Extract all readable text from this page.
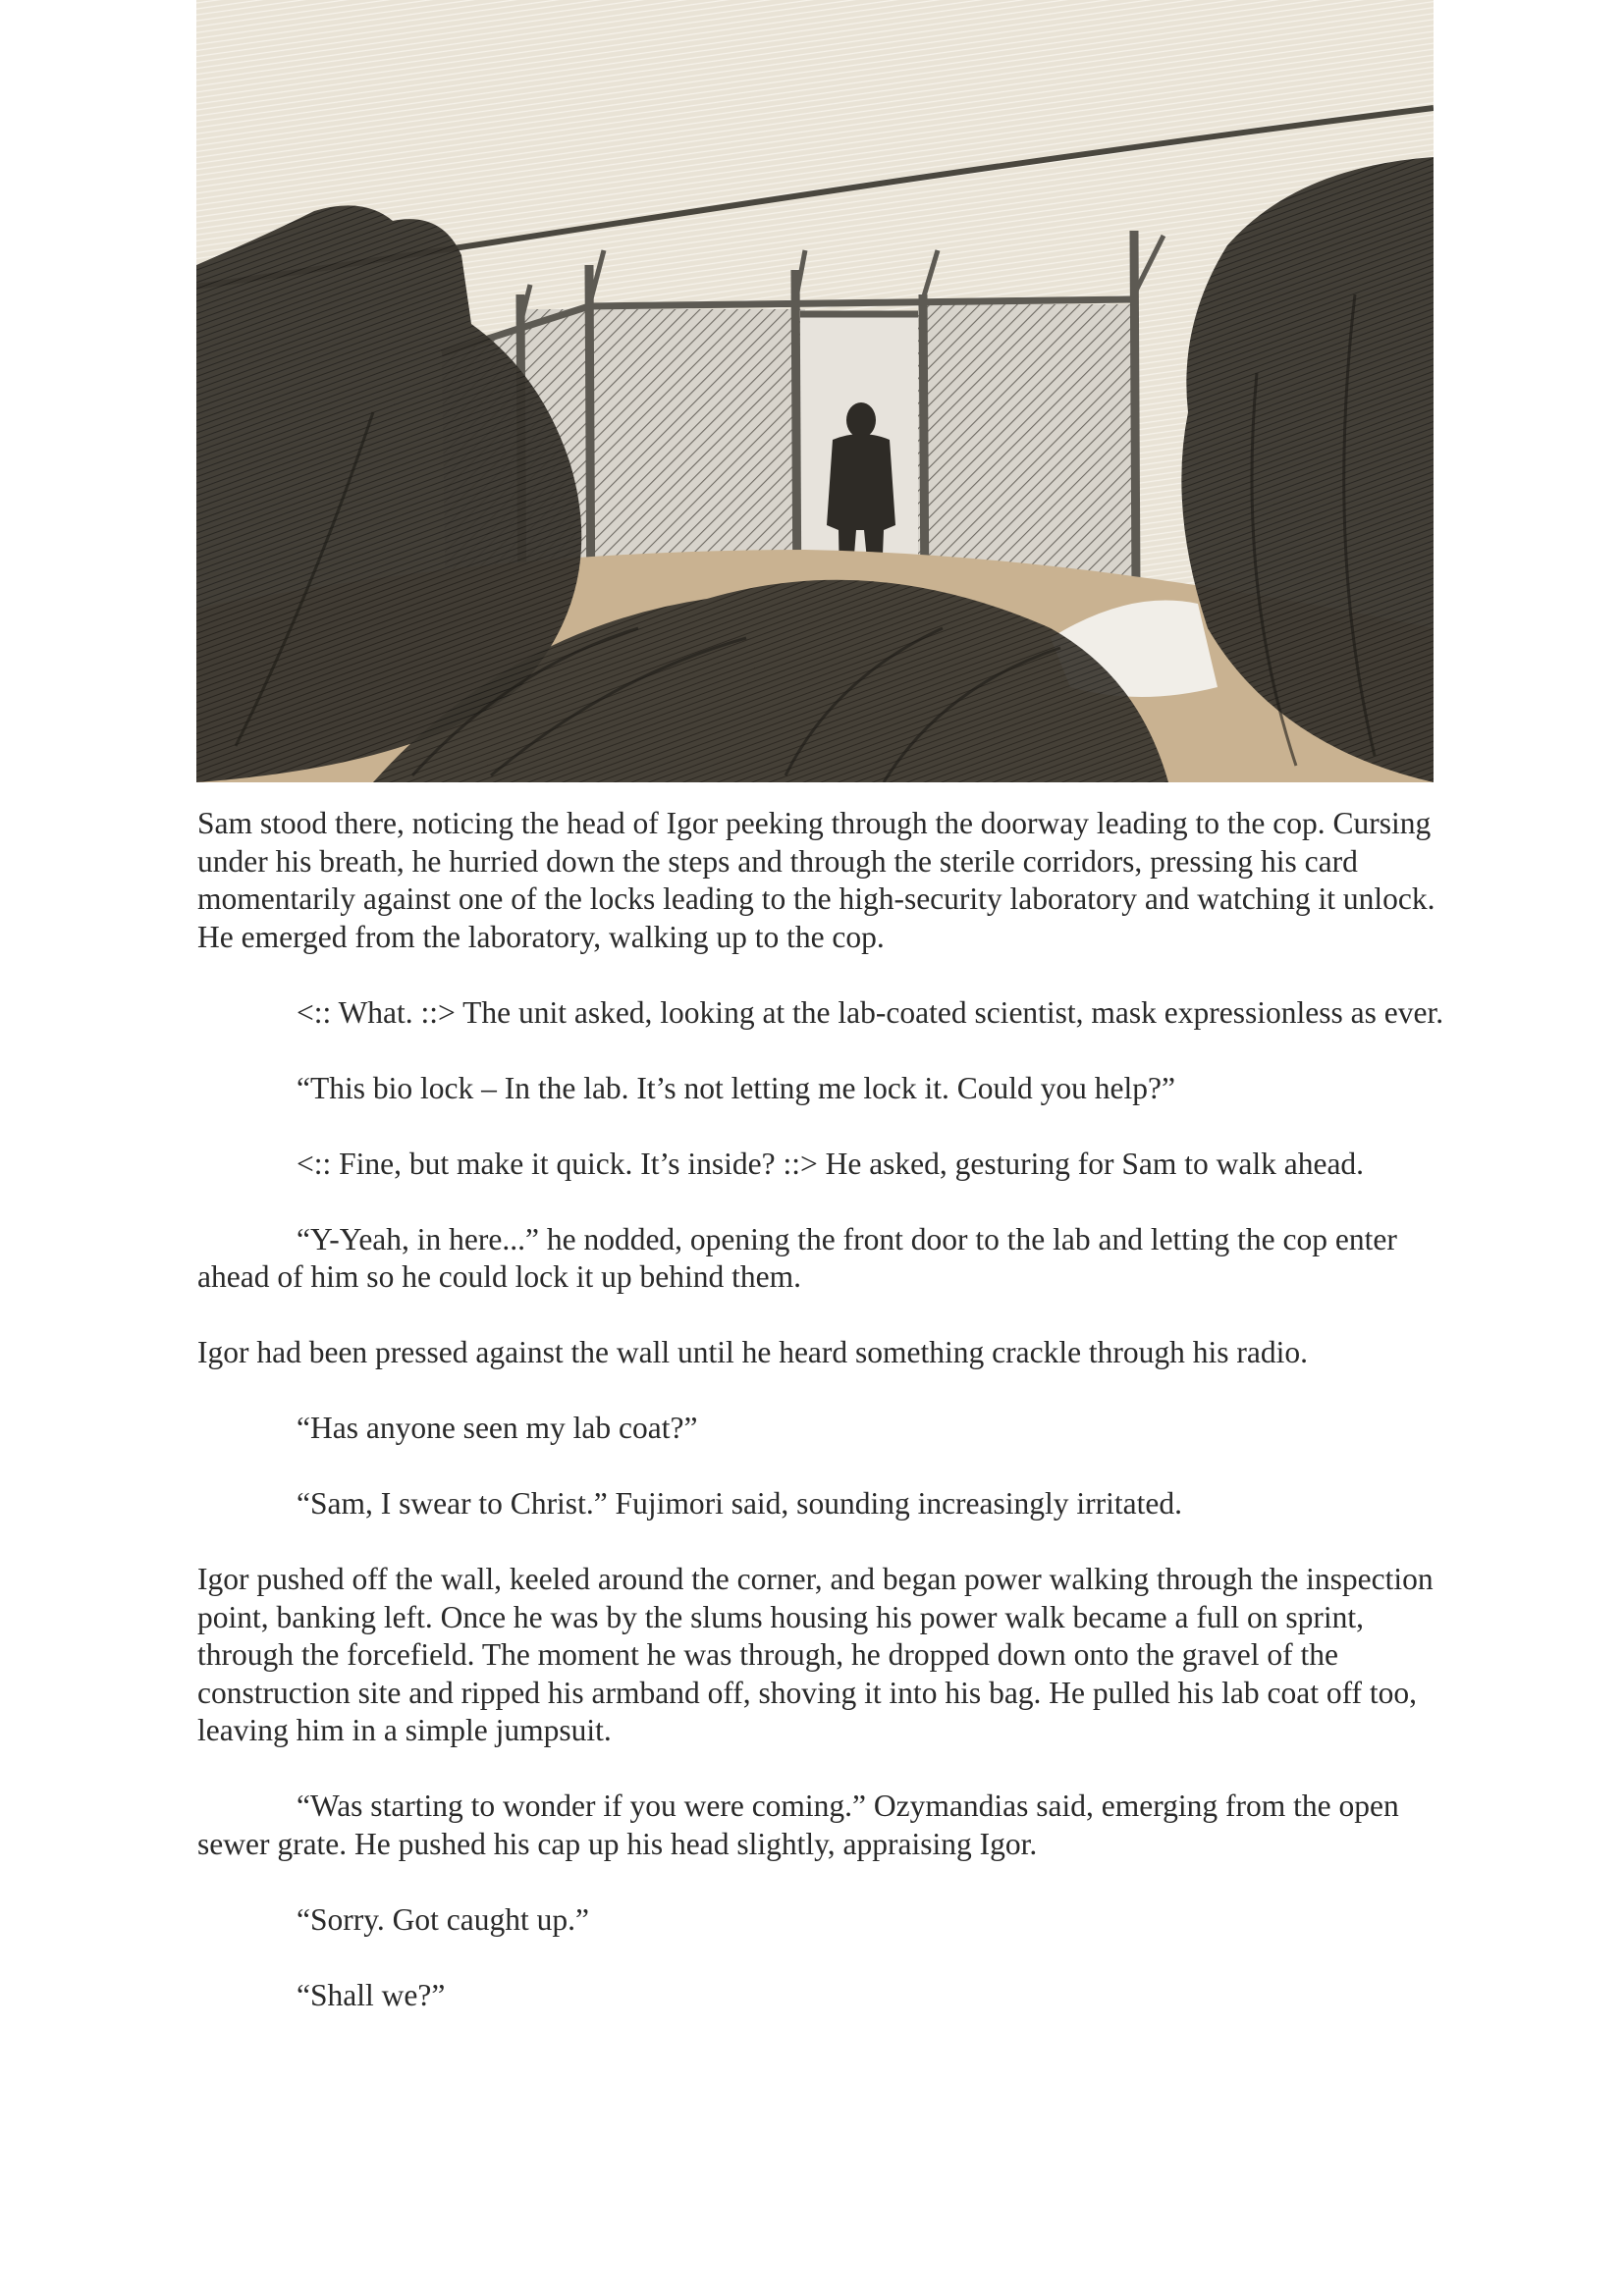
Sam stood there, noticing the head of Igor peeking through the doorway leading to the cop. Cursing under his breath, he hurried down the steps and through the sterile corridors, pressing his card momentarily against one of the locks leading to the high-security laboratory and watching it unlock. He emerged from the laboratory, walking up to the cop.

<:: What. ::> The unit asked, looking at the lab-coated scientist, mask expressionless as ever.

“This bio lock – In the lab. It’s not letting me lock it. Could you help?”

<:: Fine, but make it quick. It’s inside? ::> He asked, gesturing for Sam to walk ahead.

“Y-Yeah, in here...” he nodded, opening the front door to the lab and letting the cop enter ahead of him so he could lock it up behind them.

Igor had been pressed against the wall until he heard something crackle through his radio.

“Has anyone seen my lab coat?”

“Sam, I swear to Christ.” Fujimori said, sounding increasingly irritated.

Igor pushed off the wall, keeled around the corner, and began power walking through the inspection point, banking left. Once he was by the slums housing his power walk became a full on sprint, through the forcefield. The moment he was through, he dropped down onto the gravel of the construction site and ripped his armband off, shoving it into his bag. He pulled his lab coat off too, leaving him in a simple jumpsuit.

“Was starting to wonder if you were coming.” Ozymandias said, emerging from the open sewer grate. He pushed his cap up his head slightly, appraising Igor.

“Sorry. Got caught up.”

“Shall we?”
